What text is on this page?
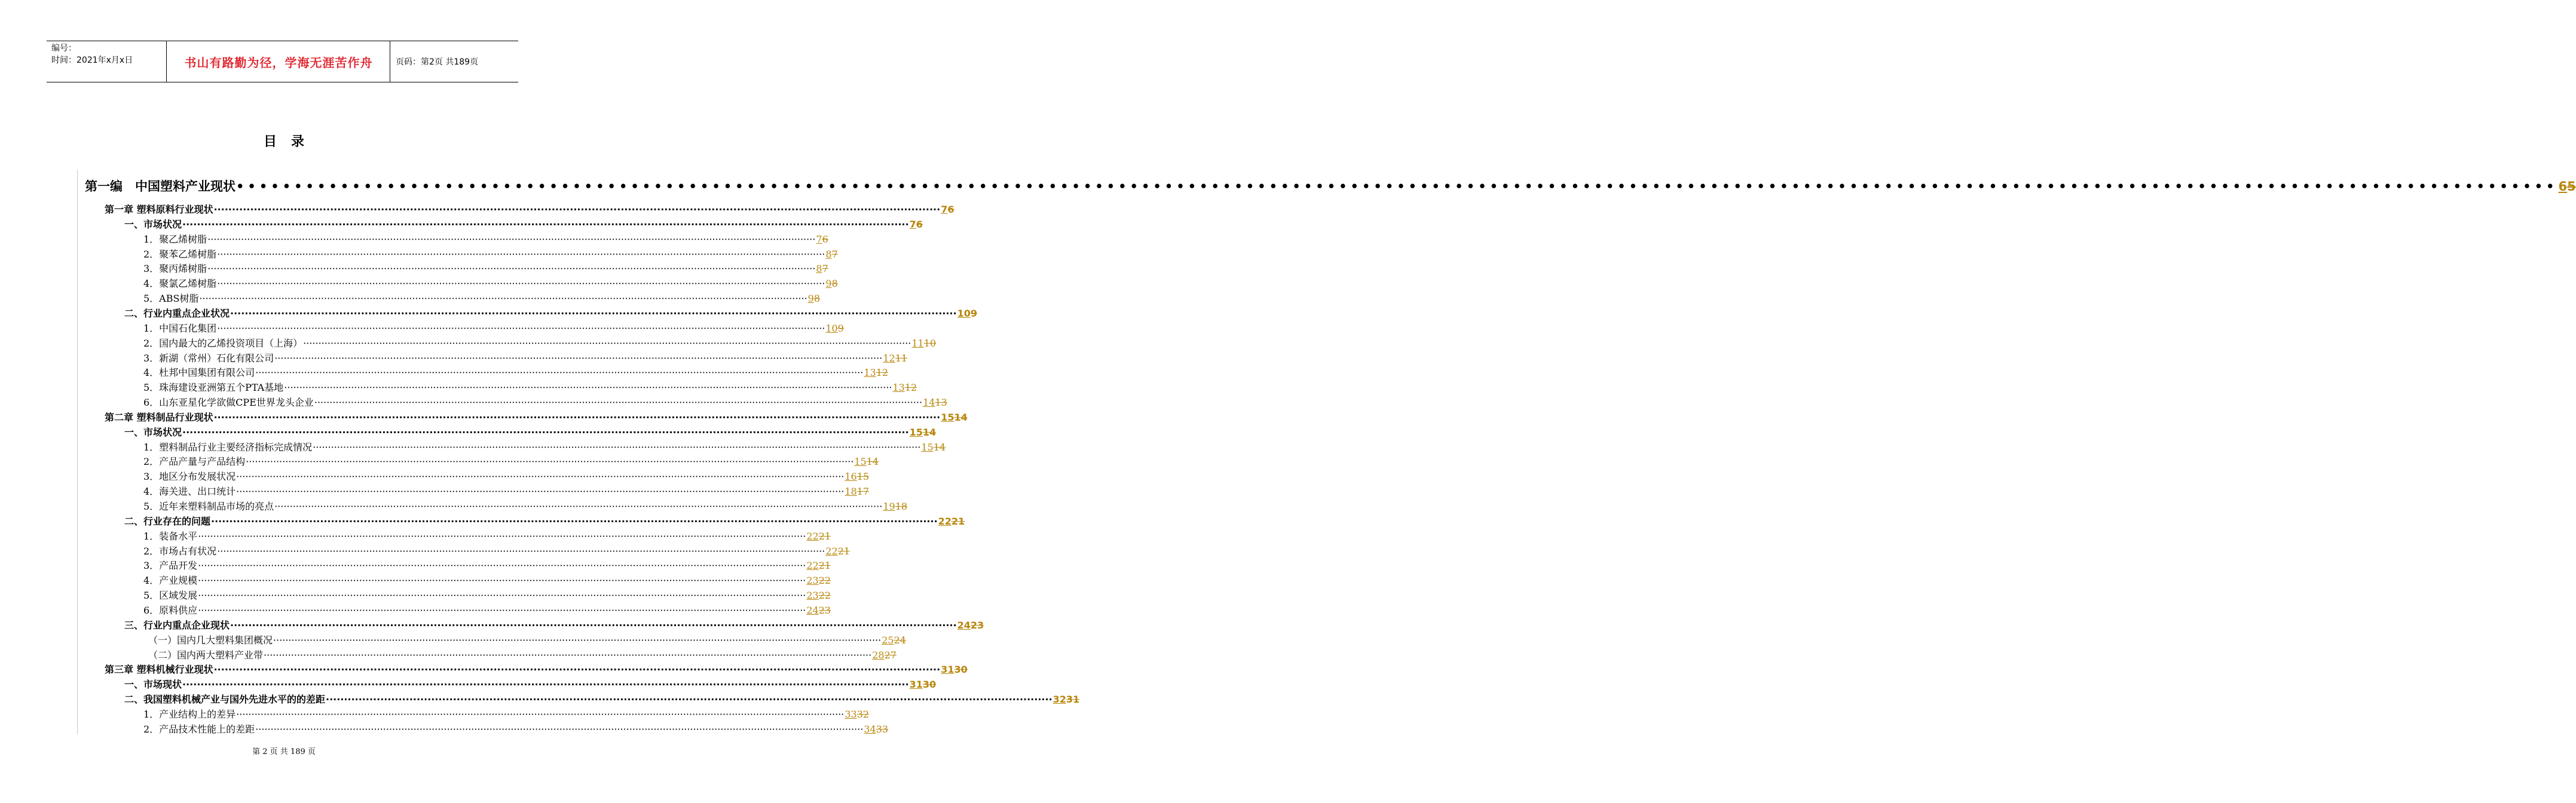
编号：
时间：2021年x月x日	书山有路勤为径，学海无涯苦作舟	页码：第2页 共189页
目 录
第一编　中国塑料产业现状 •••••••••••••••••••••••••••••••••••••••••••••••••••••••••••••••••••••••••••••••••••••••••••••••••••••••••••••••••••••••••••••••••••••••••••••••••••••••••••••••••••••••••••••••••••••••••••••••••••••••• 65
第一章 塑料原料行业现状 ········································································································································································································ 76
一、市场状况 ········································································································································································································ 76
1．聚乙烯树脂 ········································································································································································································ 76
2．聚苯乙烯树脂 ········································································································································································································ 87
3．聚丙烯树脂 ········································································································································································································ 87
4．聚氯乙烯树脂 ········································································································································································································ 98
5．ABS树脂 ········································································································································································································ 98
二、行业内重点企业状况 ········································································································································································································ 109
1．中国石化集团 ········································································································································································································ 109
2．国内最大的乙烯投资项目（上海） ········································································································································································································ 1110
3．新湖（常州）石化有限公司 ········································································································································································································ 1211
4．杜邦中国集团有限公司 ········································································································································································································ 1312
5．珠海建设亚洲第五个PTA基地 ········································································································································································································ 1312
6．山东亚星化学欲做CPE世界龙头企业 ········································································································································································································ 1413
第二章 塑料制品行业现状 ········································································································································································································ 1514
一、市场状况 ········································································································································································································ 1514
1．塑料制品行业主要经济指标完成情况 ········································································································································································································ 1514
2．产品产量与产品结构 ········································································································································································································ 1514
3．地区分布发展状况 ········································································································································································································ 1615
4．海关进、出口统计 ········································································································································································································ 1817
5．近年来塑料制品市场的亮点 ········································································································································································································ 1918
二、行业存在的问题 ········································································································································································································ 2221
1．装备水平 ········································································································································································································ 2221
2．市场占有状况 ········································································································································································································ 2221
3．产品开发 ········································································································································································································ 2221
4．产业规模 ········································································································································································································ 2322
5．区域发展 ········································································································································································································ 2322
6．原料供应 ········································································································································································································ 2423
三、行业内重点企业现状 ········································································································································································································ 2423
（一）国内几大塑料集团概况 ········································································································································································································ 2524
（二）国内两大塑料产业带 ········································································································································································································ 2827
第三章 塑料机械行业现状 ········································································································································································································ 3130
一、市场现状 ········································································································································································································ 3130
二、我国塑料机械产业与国外先进水平的的差距 ········································································································································································································ 3231
1．产业结构上的差异 ········································································································································································································ 3332
2．产品技术性能上的差距 ········································································································································································································ 3433
第 2 页 共 189 页
